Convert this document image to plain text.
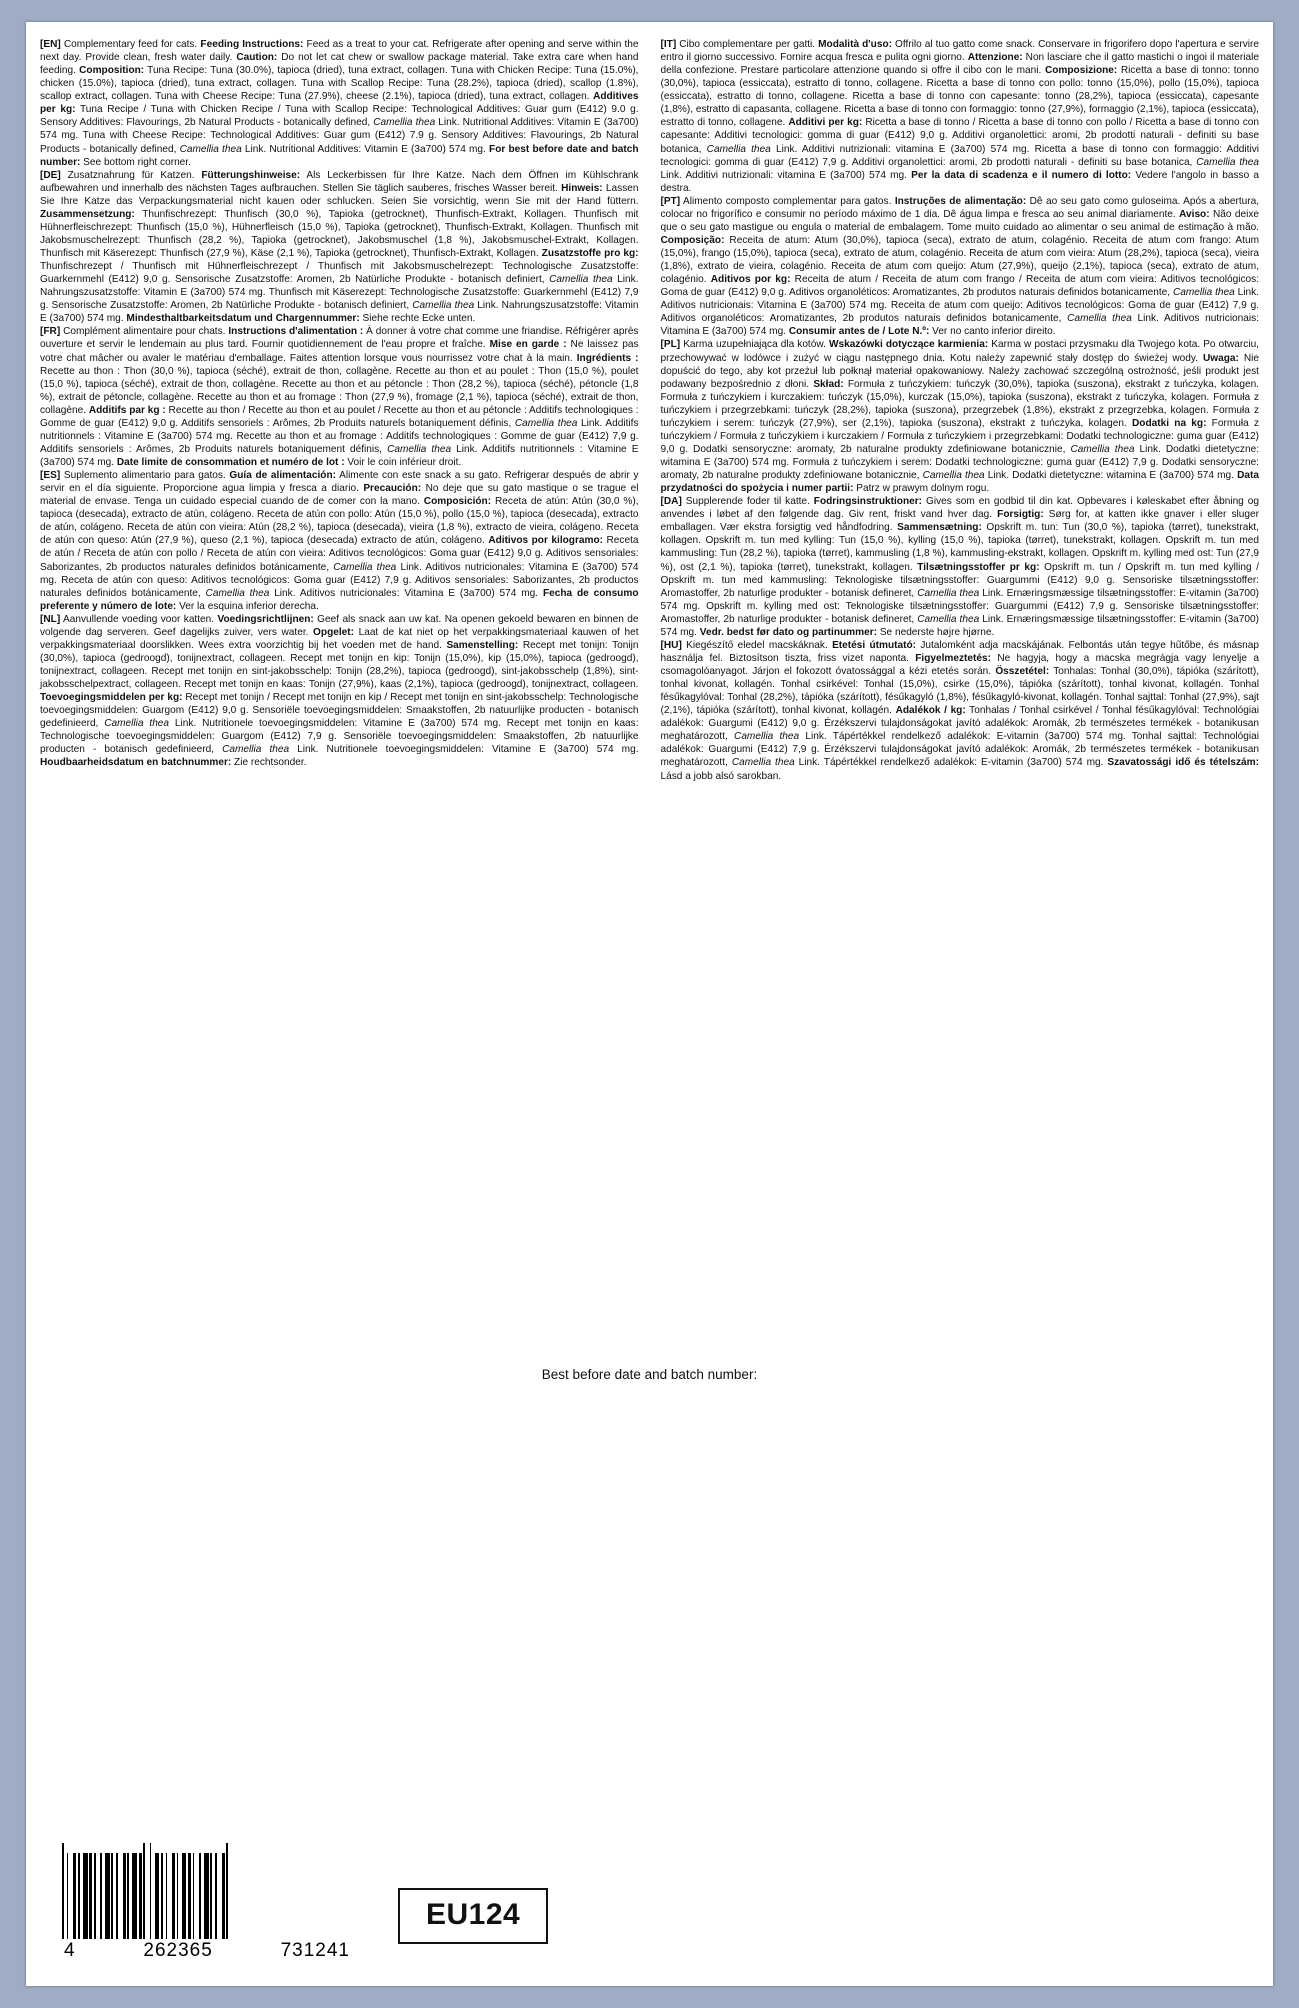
[EN] Complementary feed for cats. Feeding Instructions: Feed as a treat to your cat. Refrigerate after opening and serve within the next day. Provide clean, fresh water daily. Caution: Do not let cat chew or swallow package material. Take extra care when hand feeding. Composition: Tuna Recipe: Tuna (30.0%), tapioca (dried), tuna extract, collagen. Tuna with Chicken Recipe: Tuna (15.0%), chicken (15.0%), tapioca (dried), tuna extract, collagen. Tuna with Scallop Recipe: Tuna (28.2%), tapioca (dried), scallop (1.8%), scallop extract, collagen. Tuna with Cheese Recipe: Tuna (27.9%), cheese (2.1%), tapioca (dried), tuna extract, collagen. Additives per kg: Tuna Recipe / Tuna with Chicken Recipe / Tuna with Scallop Recipe: Technological Additives: Guar gum (E412) 9.0 g. Sensory Additives: Flavourings, 2b Natural Products - botanically defined, Camellia thea Link. Nutritional Additives: Vitamin E (3a700) 574 mg. Tuna with Cheese Recipe: Technological Additives: Guar gum (E412) 7.9 g. Sensory Additives: Flavourings, 2b Natural Products - botanically defined, Camellia thea Link. Nutritional Additives: Vitamin E (3a700) 574 mg. For best before date and batch number: See bottom right corner.

[DE] Zusatznahrung für Katzen. Fütterungshinweise: Als Leckerbissen für Ihre Katze. Nach dem Öffnen im Kühlschrank aufbewahren und innerhalb des nächsten Tages aufbrauchen. Stellen Sie täglich sauberes, frisches Wasser bereit. Hinweis: Lassen Sie Ihre Katze das Verpackungsmaterial nicht kauen oder schlucken. Seien Sie vorsichtig, wenn Sie mit der Hand füttern. Zusammensetzung: Thunfischrezept: Thunfisch (30,0 %), Tapioka (getrocknet), Thunfisch-Extrakt, Kollagen. Thunfisch mit Hühnerfleischrezept: Thunfisch (15,0 %), Hühnerfleisch (15,0 %), Tapioka (getrocknet), Thunfisch-Extrakt, Kollagen. Thunfisch mit Jakobsmuschelrezept: Thunfisch (28,2 %), Tapioka (getrocknet), Jakobsmuschel (1,8 %), Jakobsmuschel-Extrakt, Kollagen. Thunfisch mit Käserezept: Thunfisch (27,9 %), Käse (2,1 %), Tapioka (getrocknet), Thunfisch-Extrakt, Kollagen. Zusatzstoffe pro kg: Thunfischrezept / Thunfisch mit Hühnerfleischrezept / Thunfisch mit Jakobsmuschelrezept: Technologische Zusatzstoffe: Guarkernmehl (E412) 9,0 g. Sensorische Zusatzstoffe: Aromen, 2b Natürliche Produkte - botanisch definiert, Camellia thea Link. Nahrungszusatzstoffe: Vitamin E (3a700) 574 mg. Thunfisch mit Käserezept: Technologische Zusatzstoffe: Guarkernmehl (E412) 7,9 g. Sensorische Zusatzstoffe: Aromen, 2b Natürliche Produkte - botanisch definiert, Camellia thea Link. Nahrungszusatzstoffe: Vitamin E (3a700) 574 mg. Mindesthaltbarkeitsdatum und Chargennummer: Siehe rechte Ecke unten.

[FR] Complément alimentaire pour chats. Instructions d'alimentation : À donner à votre chat comme une friandise. Réfrigérer après ouverture et servir le lendemain au plus tard. Fournir quotidiennement de l'eau propre et fraîche. Mise en garde : Ne laissez pas votre chat mâcher ou avaler le matériau d'emballage. Faites attention lorsque vous nourrissez votre chat à la main. Ingrédients : Recette au thon : Thon (30,0 %), tapioca (séché), extrait de thon, collagène. Recette au thon et au poulet : Thon (15,0 %), poulet (15,0 %), tapioca (séché), extrait de thon, collagène. Recette au thon et au pétoncle : Thon (28,2 %), tapioca (séché), pétoncle (1,8 %), extrait de pétoncle, collagène. Recette au thon et au fromage : Thon (27,9 %), fromage (2,1 %), tapioca (séché), extrait de thon, collagène. Additifs par kg : Recette au thon / Recette au thon et au poulet / Recette au thon et au pétoncle : Additifs technologiques : Gomme de guar (E412) 9,0 g. Additifs sensoriels : Arômes, 2b Produits naturels botaniquement définis, Camellia thea Link. Additifs nutritionnels : Vitamine E (3a700) 574 mg. Recette au thon et au fromage : Additifs technologiques : Gomme de guar (E412) 7,9 g. Additifs sensoriels : Arômes, 2b Produits naturels botaniquement définis, Camellia thea Link. Additifs nutritionnels : Vitamine E (3a700) 574 mg. Date limite de consommation et numéro de lot : Voir le coin inférieur droit.

[ES] Suplemento alimentario para gatos. Guía de alimentación: Alimente con este snack a su gato. Refrigerar después de abrir y servir en el día siguiente. Proporcione agua limpia y fresca a diario. Precaución: No deje que su gato mastique o se trague el material de envase. Tenga un cuidado especial cuando de de comer con la mano. Composición: Receta de atún: Atún (30,0 %), tapioca (desecada), extracto de atún, colágeno. Receta de atún con pollo: Atún (15,0 %), pollo (15,0 %), tapioca (desecada), extracto de atún, colágeno. Receta de atún con vieira: Atún (28,2 %), tapioca (desecada), vieira (1,8 %), extracto de vieira, colágeno. Receta de atún con queso: Atún (27,9 %), queso (2,1 %), tapioca (desecada) extracto de atún, colágeno. Aditivos por kilogramo: Receta de atún / Receta de atún con pollo / Receta de atún con vieira: Aditivos tecnológicos: Goma guar (E412) 9,0 g. Aditivos sensoriales: Saborizantes, 2b productos naturales definidos botánicamente, Camellia thea Link. Aditivos nutricionales: Vitamina E (3a700) 574 mg. Receta de atún con queso: Aditivos tecnológicos: Goma guar (E412) 7,9 g. Aditivos sensoriales: Saborizantes, 2b productos naturales definidos botánicamente, Camellia thea Link. Aditivos nutricionales: Vitamina E (3a700) 574 mg. Fecha de consumo preferente y número de lote: Ver la esquina inferior derecha.

[NL] Aanvullende voeding voor katten. Voedingsrichtlijnen: Geef als snack aan uw kat. Na openen gekoeld bewaren en binnen de volgende dag serveren. Geef dagelijks zuiver, vers water. Opgelet: Laat de kat niet op het verpakkingsmateriaal kauwen of het verpakkingsmateriaal doorslikken. Wees extra voorzichtig bij het voeden met de hand. Samenstelling: Recept met tonijn: Tonijn (30,0%), tapioca (gedroogd), tonijnextract, collageen. Recept met tonijn en kip: Tonijn (15,0%), kip (15,0%), tapioca (gedroogd), tonijnextract, collageen. Recept met tonijn en sint-jakobsschelp: Tonijn (28,2%), tapioca (gedroogd), sint-jakobsschelp (1,8%), sint-jakobsschelpextract, collageen. Recept met tonijn en kaas: Tonijn (27,9%), kaas (2,1%), tapioca (gedroogd), tonijnextract, collageen. Toevoegingsmiddelen per kg: Recept met tonijn / Recept met tonijn en kip / Recept met tonijn en sint-jakobsschelp: Technologische toevoegingsmiddelen: Guargom (E412) 9,0 g. Sensoriële toevoegingsmiddelen: Smaakstoffen, 2b natuurlijke producten - botanisch gedefinieerd, Camellia thea Link. Nutritionele toevoegingsmiddelen: Vitamine E (3a700) 574 mg. Recept met tonijn en kaas: Technologische toevoegingsmiddelen: Guargom (E412) 7,9 g. Sensoriële toevoegingsmiddelen: Smaakstoffen, 2b natuurlijke producten - botanisch gedefinieerd, Camellia thea Link. Nutritionele toevoegingsmiddelen: Vitamine E (3a700) 574 mg. Houdbaarheidsdatum en batchnummer: Zie rechtsonder.

[IT] Cibo complementare per gatti. Modalità d'uso: Offrilo al tuo gatto come snack. Conservare in frigorifero dopo l'apertura e servire entro il giorno successivo. Fornire acqua fresca e pulita ogni giorno. Attenzione: Non lasciare che il gatto mastichi o ingoi il materiale della confezione. Prestare particolare attenzione quando si offre il cibo con le mani. Composizione: Ricetta a base di tonno: tonno (30,0%), tapioca (essiccata), estratto di tonno, collagene. Ricetta a base di tonno con pollo: tonno (15,0%), pollo (15,0%), tapioca (essiccata), estratto di tonno, collagene. Ricetta a base di tonno con capesante: tonno (28,2%), tapioca (essiccata), capesante (1,8%), estratto di capasanta, collagene. Ricetta a base di tonno con formaggio: tonno (27,9%), formaggio (2,1%), tapioca (essiccata), estratto di tonno, collagene. Additivi per kg: Ricetta a base di tonno / Ricetta a base di tonno con pollo / Ricetta a base di tonno con capesante: Additivi tecnologici: gomma di guar (E412) 9,0 g. Additivi organolettici: aromi, 2b prodotti naturali - definiti su base botanica, Camellia thea Link. Additivi nutrizionali: vitamina E (3a700) 574 mg. Ricetta a base di tonno con formaggio: Additivi tecnologici: gomma di guar (E412) 7,9 g. Additivi organolettici: aromi, 2b prodotti naturali - definiti su base botanica, Camellia thea Link. Additivi nutrizionali: vitamina E (3a700) 574 mg. Per la data di scadenza e il numero di lotto: Vedere l'angolo in basso a destra.

[PT] Alimento composto complementar para gatos. Instruções de alimentação: Dê ao seu gato como guloseima. Após a abertura, colocar no frigorífico e consumir no período máximo de 1 dia. Dê água limpa e fresca ao seu animal diariamente. Aviso: Não deixe que o seu gato mastigue ou engula o material de embalagem. Tome muito cuidado ao alimentar o seu animal de estimação à mão. Composição: Receita de atum: Atum (30,0%), tapioca (seca), extrato de atum, colagénio. Receita de atum com frango: Atum (15,0%), frango (15,0%), tapioca (seca), extrato de atum, colagénio. Receita de atum com vieira: Atum (28,2%), tapioca (seca), vieira (1,8%), extrato de vieira, colagénio. Receita de atum com queijo: Atum (27,9%), queijo (2,1%), tapioca (seca), extrato de atum, colagénio. Aditivos por kg: Receita de atum / Receita de atum com frango / Receita de atum com vieira: Aditivos tecnológicos: Goma de guar (E412) 9,0 g. Aditivos organoléticos: Aromatizantes, 2b produtos naturais definidos botanicamente, Camellia thea Link. Aditivos nutricionais: Vitamina E (3a700) 574 mg. Receita de atum com queijo: Aditivos tecnológicos: Goma de guar (E412) 7,9 g. Aditivos organoléticos: Aromatizantes, 2b produtos naturais definidos botanicamente, Camellia thea Link. Aditivos nutricionais: Vitamina E (3a700) 574 mg. Consumir antes de / Lote N.º: Ver no canto inferior direito.

[PL] Karma uzupełniająca dla kotów. Wskazówki dotyczące karmienia: Karma w postaci przysmaku dla Twojego kota. Po otwarciu, przechowywać w lodówce i zużyć w ciągu następnego dnia. Kotu należy zapewnić stały dostęp do świeżej wody. Uwaga: Nie dopuścić do tego, aby kot przeżuł lub połknął materiał opakowaniowy. Należy zachować szczególną ostrożność, jeśli produkt jest podawany bezpośrednio z dłoni. Skład: Formuła z tuńczykiem: tuńczyk (30,0%), tapioka (suszona), ekstrakt z tuńczyka, kolagen. Formuła z tuńczykiem i kurczakiem: tuńczyk (15,0%), kurczak (15,0%), tapioka (suszona), ekstrakt z tuńczyka, kolagen. Formuła z tuńczykiem i przegrzebkami: tuńczyk (28,2%), tapioka (suszona), przegrzebek (1,8%), ekstrakt z przegrzebka, kolagen. Formuła z tuńczykiem i serem: tuńczyk (27,9%), ser (2,1%), tapioka (suszona), ekstrakt z tuńczyka, kolagen. Dodatki na kg: Formuła z tuńczykiem / Formuła z tuńczykiem i kurczakiem / Formuła z tuńczykiem i przegrzebkami: Dodatki technologiczne: guma guar (E412) 9,0 g. Dodatki sensoryczne: aromaty, 2b naturalne produkty zdefiniowane botanicznie, Camellia thea Link. Dodatki dietetyczne: witamina E (3a700) 574 mg. Formuła z tuńczykiem i serem: Dodatki technologiczne: guma guar (E412) 7,9 g. Dodatki sensoryczne: aromaty, 2b naturalne produkty zdefiniowane botanicznie, Camellia thea Link. Dodatki dietetyczne: witamina E (3a700) 574 mg. Data przydatności do spożycia i numer partii: Patrz w prawym dolnym rogu.

[DA] Supplerende foder til katte. Fodringsinstruktioner: Gives som en godbid til din kat. Opbevares i køleskabet efter åbning og anvendes i løbet af den følgende dag. Giv rent, friskt vand hver dag. Forsigtig: Sørg for, at katten ikke gnaver i eller sluger emballagen. Vær ekstra forsigtig ved håndfodring. Sammensætning: Opskrift m. tun: Tun (30,0 %), tapioka (tørret), tunekstrakt, kollagen. Opskrift m. tun med kylling: Tun (15,0 %), kylling (15,0 %), tapioka (tørret), tunekstrakt, kollagen. Opskrift m. tun med kammusling: Tun (28,2 %), tapioka (tørret), kammusling (1,8 %), kammusling-ekstrakt, kollagen. Opskrift m. kylling med ost: Tun (27,9 %), ost (2,1 %), tapioka (tørret), tunekstrakt, kollagen. Tilsætningsstoffer pr kg: Opskrift m. tun / Opskrift m. tun med kylling / Opskrift m. tun med kammusling: Teknologiske tilsætningsstoffer: Guargummi (E412) 9,0 g. Sensoriske tilsætningsstoffer: Aromastoffer, 2b naturlige produkter - botanisk defineret, Camellia thea Link. Ernæringsmæssige tilsætningsstoffer: E-vitamin (3a700) 574 mg. Opskrift m. kylling med ost: Teknologiske tilsætningsstoffer: Guargummi (E412) 7,9 g. Sensoriske tilsætningsstoffer: Aromastoffer, 2b naturlige produkter - botanisk defineret, Camellia thea Link. Ernæringsmæssige tilsætningsstoffer: E-vitamin (3a700) 574 mg. Vedr. bedst før dato og partinummer: Se nederste højre hjørne.

[HU] Kiegészítő eledel macskáknak. Etetési útmutató: Jutalomként adja macskájának. Felbontás után tegye hűtőbe, és másnap használja fel. Biztosítson tiszta, friss vizet naponta. Figyelmeztetés: Ne hagyja, hogy a macska megrágja vagy lenyelje a csomagolóanyagot. Járjon el fokozott óvatossággal a kézi etetés során. Összetétel: Tonhalas: Tonhal (30,0%), tápióka (szárított), tonhal kivonat, kollagén. Tonhal csirkével: Tonhal (15,0%), csirke (15,0%), tápióka (szárított), tonhal kivonat, kollagén. Tonhal fésűkagylóval: Tonhal (28,2%), tápióka (szárított), fésűkagyló (1,8%), fésűkagyló-kivonat, kollagén. Tonhal sajttal: Tonhal (27,9%), sajt (2,1%), tápióka (szárított), tonhal kivonat, kollagén. Adalékok / kg: Tonhalas / Tonhal csirkével / Tonhal fésűkagylóval: Technológiai adalékok: Guargumi (E412) 9,0 g. Érzékszervi tulajdonságokat javító adalékok: Aromák, 2b természetes termékek - botanikusan meghatározott, Camellia thea Link. Tápértékkel rendelkező adalékok: E-vitamin (3a700) 574 mg. Tonhal sajttal: Technológiai adalékok: Guargumi (E412) 7,9 g. Érzékszervi tulajdonságokat javító adalékok: Aromák, 2b természetes termékek - botanikusan meghatározott, Camellia thea Link. Tápértékkel rendelkező adalékok: E-vitamin (3a700) 574 mg. Szavatossági idő és tételszám: Lásd a jobb alsó sarokban.

Best before date and batch number:
4	262365	731241
EU124
